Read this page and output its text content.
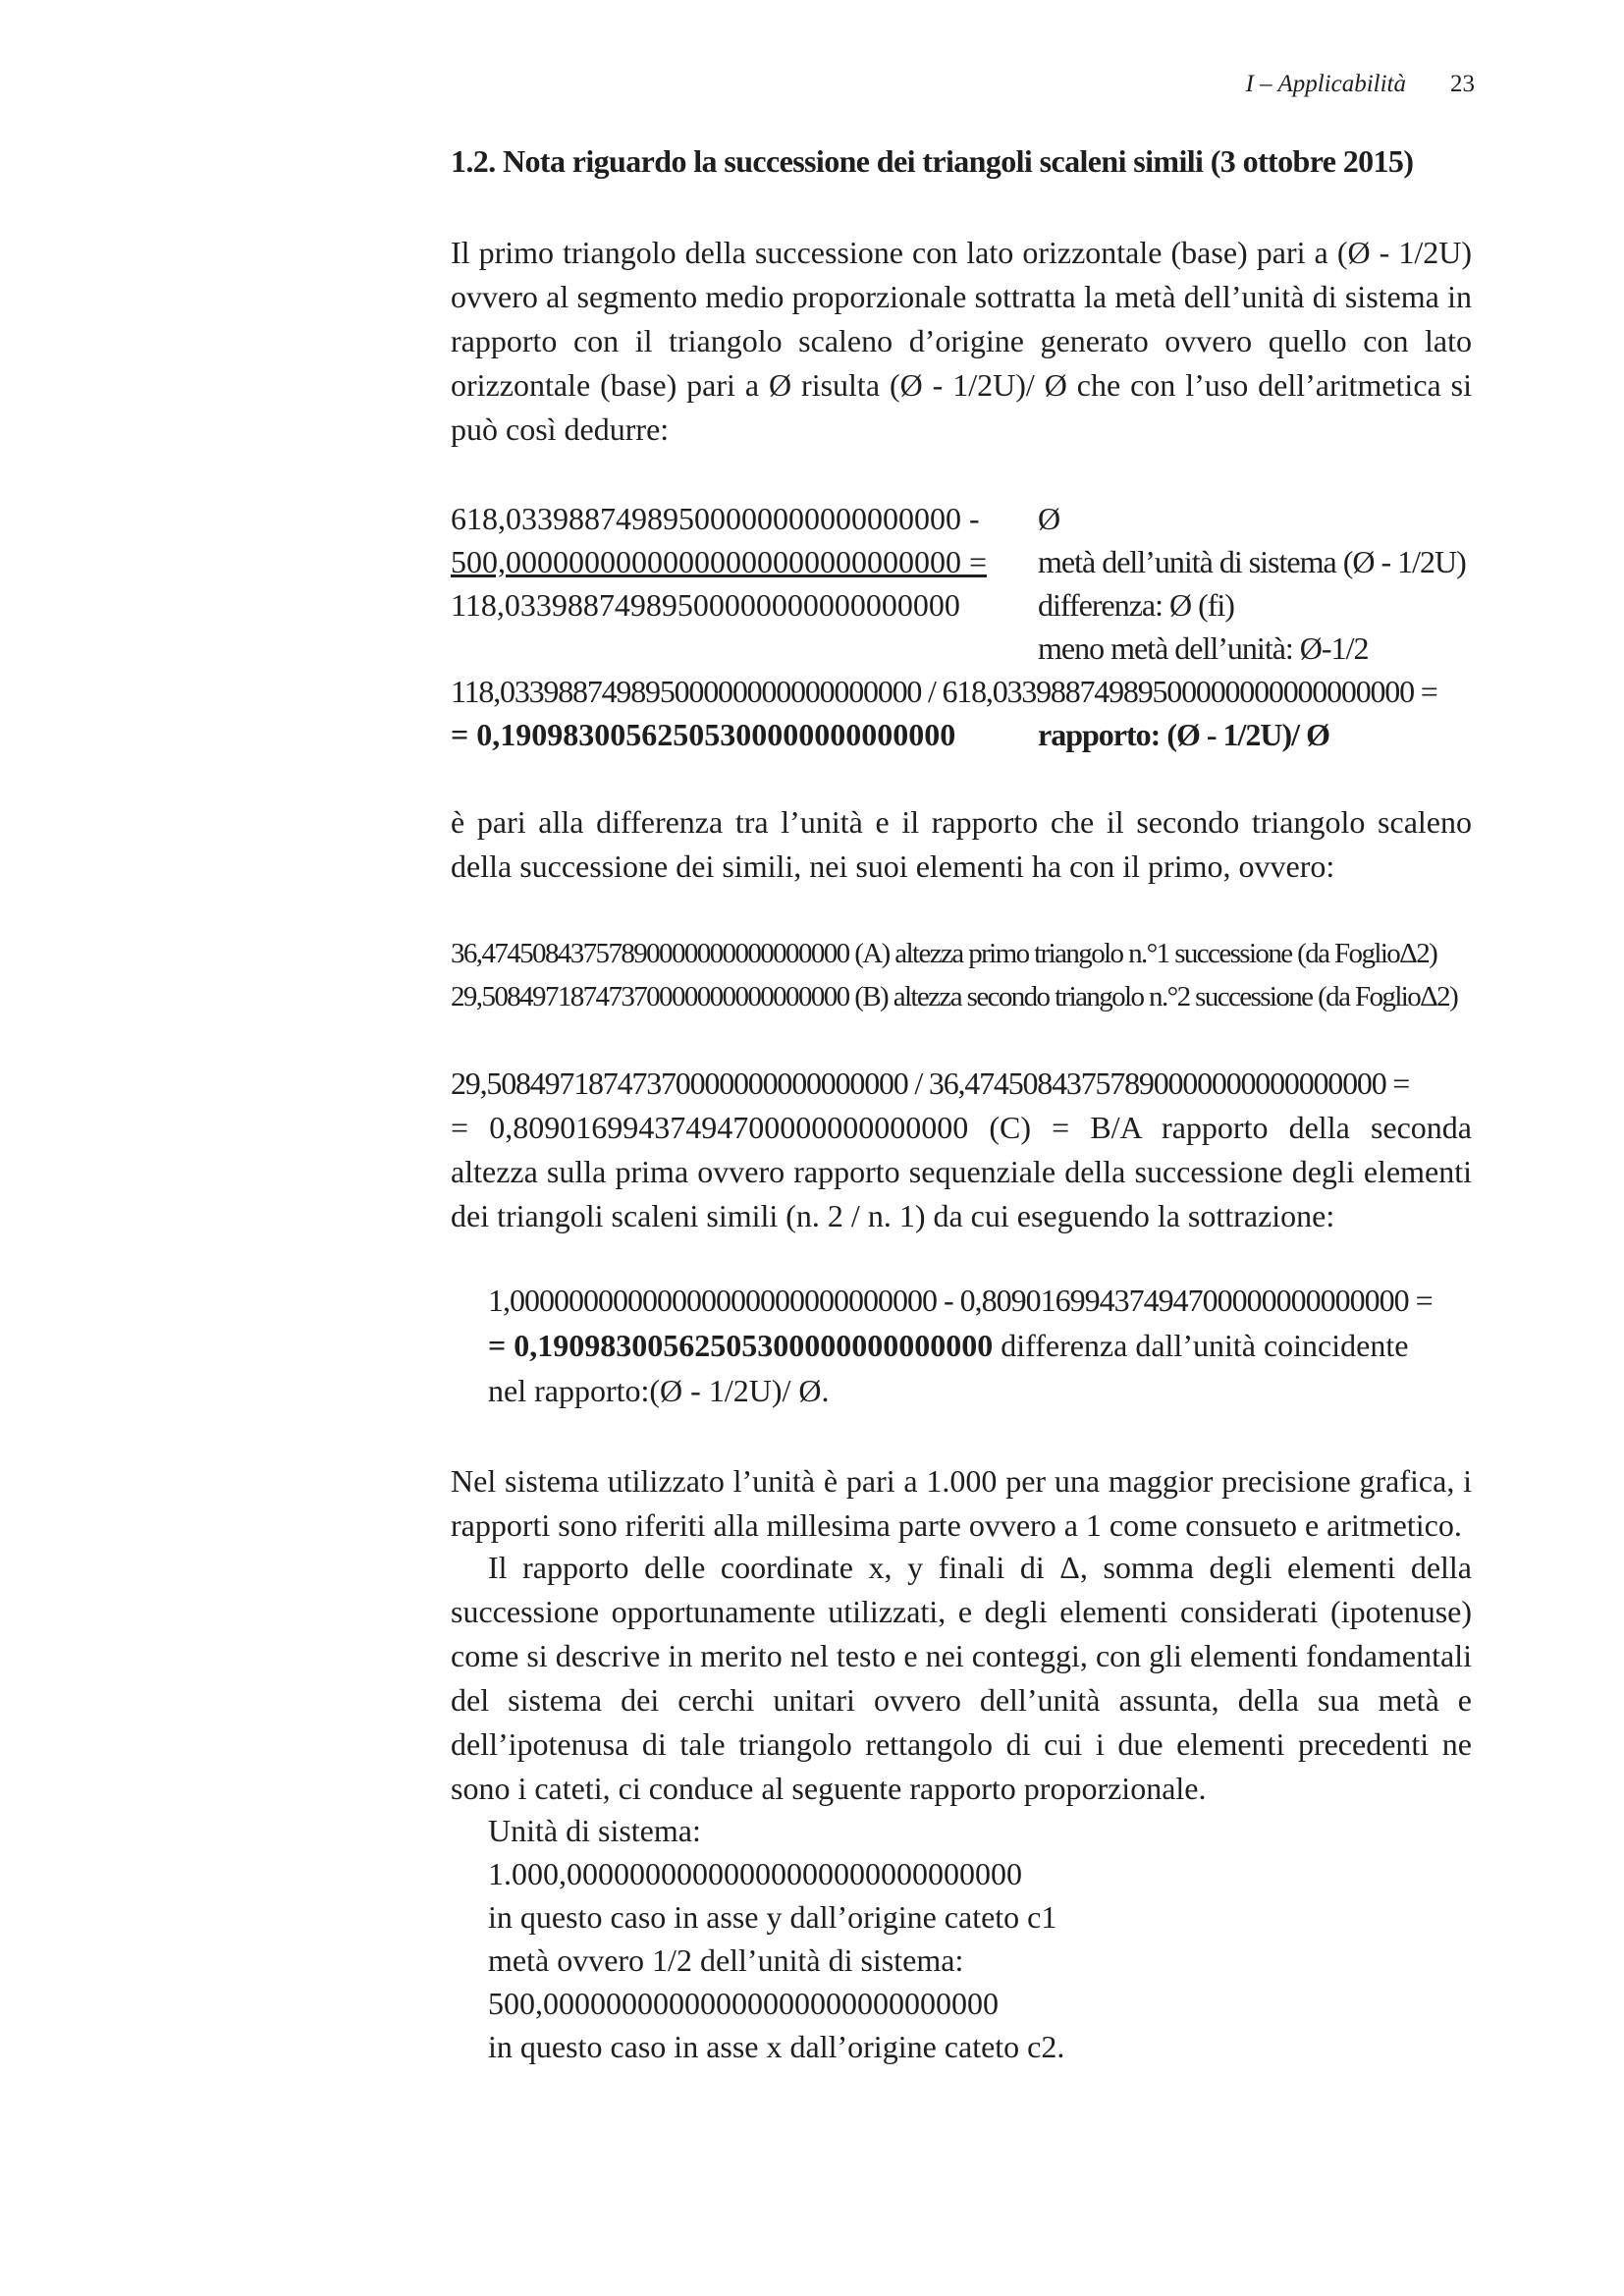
I – Applicabilità 23
1.2. Nota riguardo la successione dei triangoli scaleni simili (3 ottobre 2015)

Il primo triangolo della successione con lato orizzontale (base) pari a (Ø - 1/2U) ovvero al segmento medio proporzionale sottratta la metà dell’unità di sistema in rapporto con il triangolo scaleno d’origine generato ovvero quello con lato orizzontale (base) pari a Ø risulta (Ø - 1/2U)/ Ø che con l’uso dell’aritmetica si può così dedurre:

618,03398874989500000000000000000 - Ø
500,00000000000000000000000000000 = metà dell’unità di sistema (Ø - 1/2U)
118,03398874989500000000000000000 differenza: Ø (fi)
meno metà dell’unità: Ø-1/2
118,03398874989500000000000000000 / 618,03398874989500000000000000000 =
= 0,19098300562505300000000000000	rapporto: (Ø - 1/2U)/ Ø

è pari alla differenza tra l’unità e il rapporto che il secondo triangolo scaleno della successione dei simili, nei suoi elementi ha con il primo, ovvero:

36,47450843757890000000000000000 (A) altezza primo triangolo n.°1 successione (da FoglioΔ2)
29,50849718747370000000000000000 (B) altezza secondo triangolo n.°2 successione (da FoglioΔ2)
29,50849718747370000000000000000 / 36,47450843757890000000000000000 =

= 0,80901699437494700000000000000 (C) = B/A rapporto della seconda altezza sulla prima ovvero rapporto sequenziale della successione degli elementi dei triangoli scaleni simili (n. 2 / n. 1) da cui eseguendo la sottrazione:

1,00000000000000000000000000000 - 0,80901699437494700000000000000 =
= 0,19098300562505300000000000000 differenza dall’unità coincidente
nel rapporto:(Ø - 1/2U)/ Ø.

Nel sistema utilizzato l’unità è pari a 1.000 per una maggior precisione grafica, i rapporti sono riferiti alla millesima parte ovvero a 1 come consueto e aritmetico.

Il rapporto delle coordinate x, y finali di Δ, somma degli elementi della successione opportunamente utilizzati, e degli elementi considerati (ipotenuse) come si descrive in merito nel testo e nei conteggi, con gli elementi fondamentali del sistema dei cerchi unitari ovvero dell’unità assunta, della sua metà e dell’ipotenusa di tale triangolo rettangolo di cui i due elementi precedenti ne sono i cateti, ci conduce al seguente rapporto proporzionale.

Unità di sistema:
1.000,00000000000000000000000000000
in questo caso in asse y dall’origine cateto c1
metà ovvero 1/2 dell’unità di sistema:
500,00000000000000000000000000000
in questo caso in asse x dall’origine cateto c2.
